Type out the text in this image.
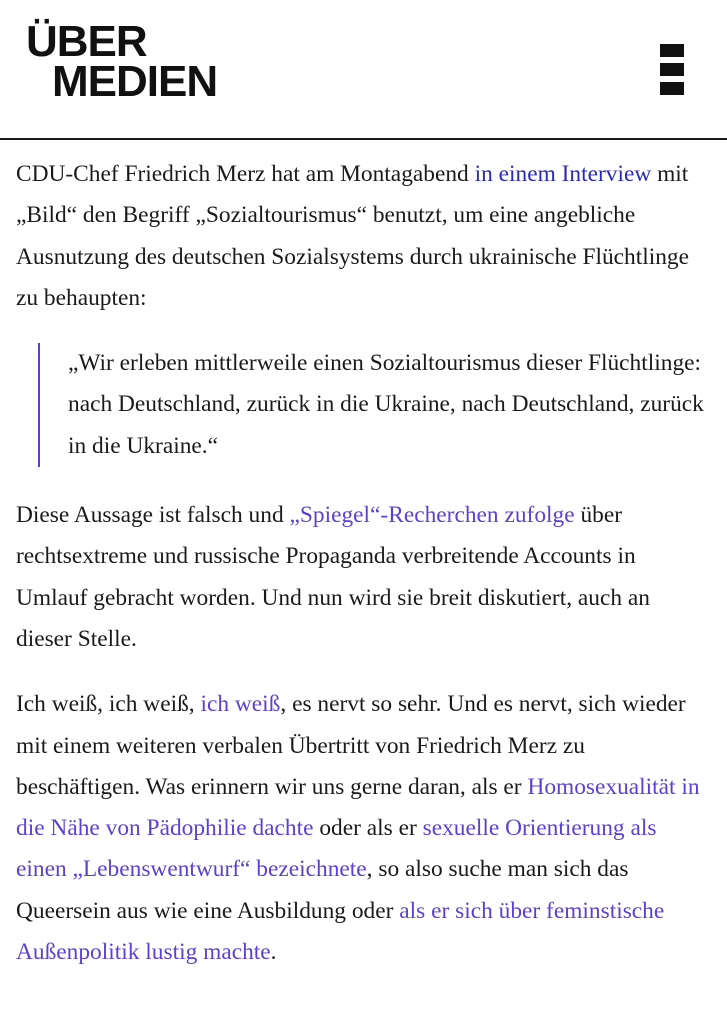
ÜBER
MEDIEN

CDU-Chef Friedrich Merz hat am Montagabend in einem Interview mit „Bild“ den Begriff „Sozialtourismus“ benutzt, um eine angebliche Ausnutzung des deutschen Sozialsystems durch ukrainische Flüchtlinge zu behaupten:

„Wir erleben mittlerweile einen Sozialtourismus dieser Flüchtlinge: nach Deutschland, zurück in die Ukraine, nach Deutschland, zurück in die Ukraine.“

Diese Aussage ist falsch und „Spiegel“-Recherchen zufolge über rechtsextreme und russische Propaganda verbreitende Accounts in Umlauf gebracht worden. Und nun wird sie breit diskutiert, auch an dieser Stelle.

Ich weiß, ich weiß, ich weiß, es nervt so sehr. Und es nervt, sich wieder mit einem weiteren verbalen Übertritt von Friedrich Merz zu beschäftigen. Was erinnern wir uns gerne daran, als er Homosexualität in die Nähe von Pädophilie dachte oder als er sexuelle Orientierung als einen „Lebenswentwurf“ bezeichnete, so also suche man sich das Queersein aus wie eine Ausbildung oder als er sich über feminstische Außenpolitik lustig machte.
